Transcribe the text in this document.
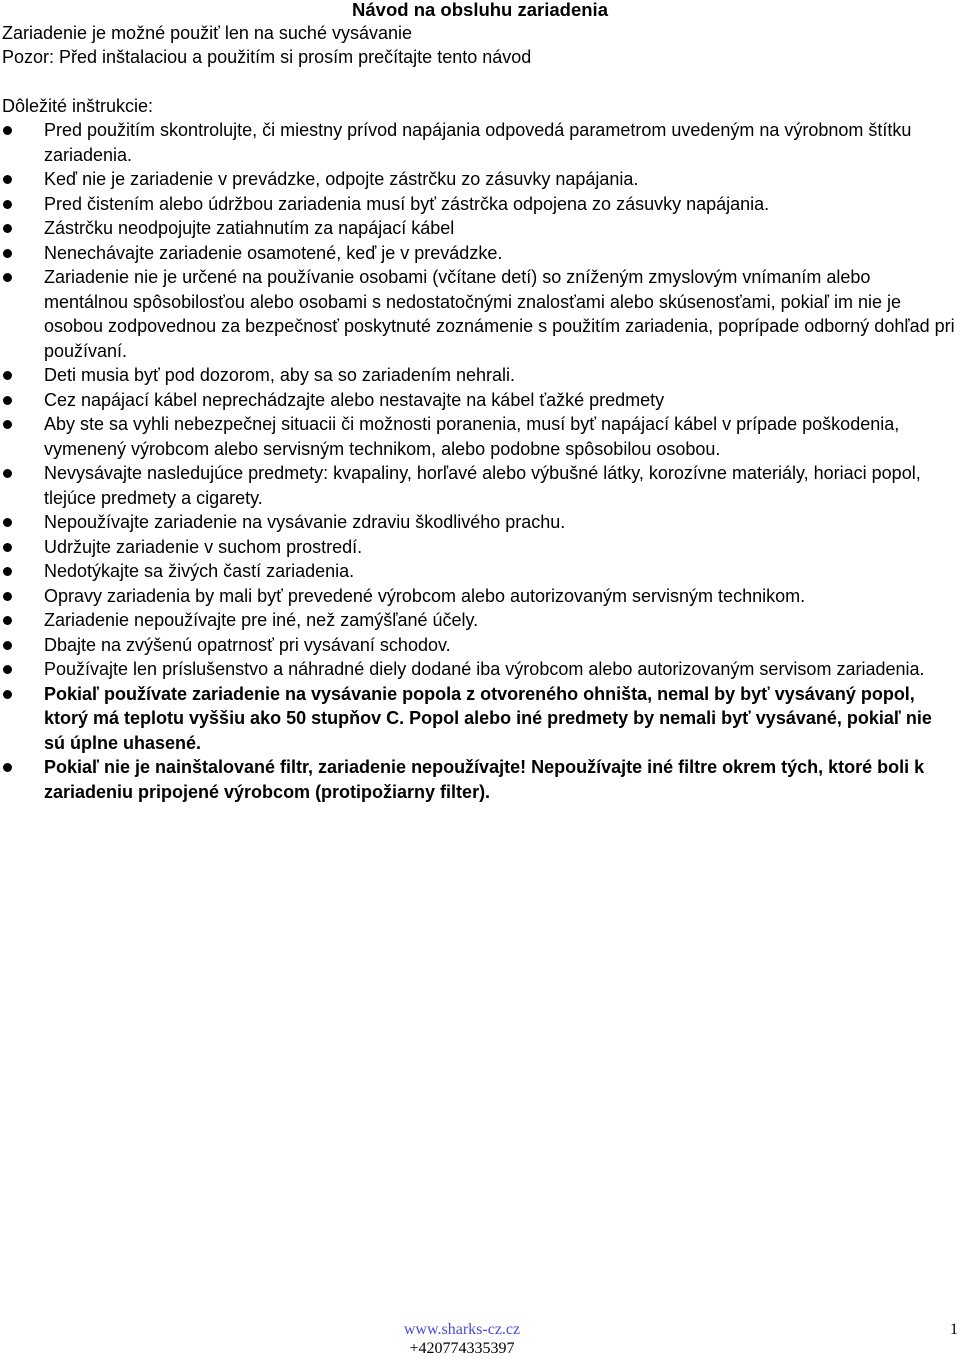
Návod na obsluhu zariadenia
Zariadenie je možné použiť len na suché vysávanie
Pozor: Před inštalaciou a použitím si prosím prečítajte tento návod
Dôležité inštrukcie:
Pred použitím skontrolujte, či miestny prívod napájania odpovedá parametrom uvedeným na výrobnom štítku zariadenia.
Keď nie je zariadenie v prevádzke, odpojte zástrčku zo zásuvky napájania.
Pred čistením alebo údržbou zariadenia musí byť zástrčka odpojena zo zásuvky napájania.
Zástrčku neodpojujte zatiahnutím za napájací kábel
Nenechávajte zariadenie osamotené, keď je v prevádzke.
Zariadenie nie je určené na používanie osobami (včítane detí) so zníženým zmyslovým vnímaním alebo mentálnou spôsobilosťou alebo osobami s nedostatočnými znalosťami alebo skúsenosťami, pokiaľ im nie je osobou zodpovednou za bezpečnosť poskytnuté zoznámenie s použitím zariadenia, poprípade odborný dohľad pri používaní.
Deti musia byť pod dozorom, aby sa so zariadením nehrali.
Cez napájací kábel neprechádzajte alebo nestavajte na kábel ťažké predmety
Aby ste sa vyhli nebezpečnej situacii či možnosti poranenia, musí byť napájací kábel v prípade poškodenia, vymenený výrobcom alebo servisným technikom, alebo podobne spôsobilou osobou.
Nevysávajte nasledujúce predmety: kvapaliny, horľavé alebo výbušné látky, korozívne materiály, horiaci popol, tlejúce predmety a cigarety.
Nepoužívajte zariadenie na vysávanie zdraviu škodlivého prachu.
Udržujte zariadenie v suchom prostredí.
Nedotýkajte sa živých častí zariadenia.
Opravy zariadenia by mali byť prevedené výrobcom alebo autorizovaným servisným technikom.
Zariadenie nepoužívajte pre iné, než zamýšľané účely.
Dbajte na zvýšenú opatrnosť pri vysávaní schodov.
Používajte len príslušenstvo a náhradné diely dodané iba výrobcom alebo autorizovaným servisom zariadenia.
Pokiaľ používate zariadenie na vysávanie popola z otvoreného ohništa, nemal by byť vysávaný popol, ktorý má teplotu vyššiu ako 50 stupňov C. Popol alebo iné predmety by nemali byť vysávané, pokiaľ nie sú úplne uhasené.
Pokiaľ nie je nainštalované filtr, zariadenie nepoužívajte! Nepoužívajte iné filtre okrem tých, ktoré boli k zariadeniu pripojené výrobcom (protipožiarny filter).
www.sharks-cz.cz
+420774335397
1
